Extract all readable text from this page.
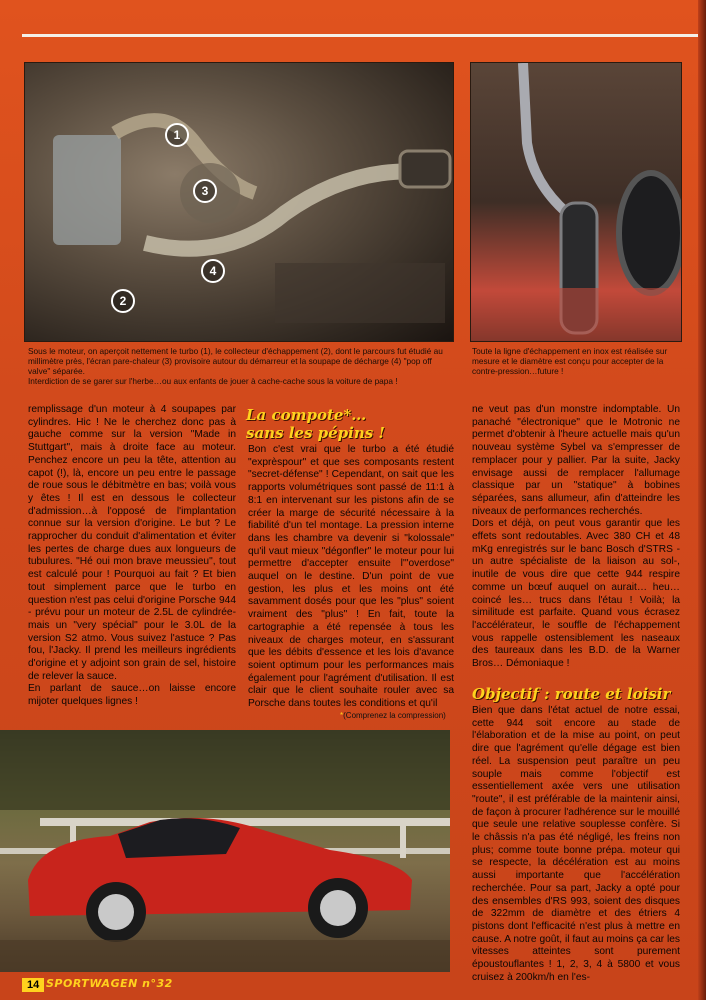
1
2
3
4
Sous le moteur, on aperçoit nettement le turbo (1), le collecteur d'échappement (2), dont le parcours fut étudié au millimètre près, l'écran pare-chaleur (3) provisoire autour du démarreur et la soupape de décharge (4) "pop off valve" séparée.
Interdiction de se garer sur l'herbe…ou aux enfants de jouer à cache-cache sous la voiture de papa !
Toute la ligne d'échappement en inox est réalisée sur mesure et le diamètre est conçu pour accepter de la contre-pression…future !

remplissage d'un moteur à 4 soupapes par cylindres. Hic ! Ne le cherchez donc pas à gauche comme sur la version "Made in Stuttgart", mais à droite face au moteur. Penchez encore un peu la tête, attention au capot (!), là, encore un peu entre le passage de roue sous le débitmètre en bas; voilà vous y êtes ! Il est en dessous le collecteur d'admission…à l'opposé de l'implantation connue sur la version d'origine. Le but ? Le rapprocher du conduit d'alimentation et éviter les pertes de charge dues aux longueurs de tubulures. "Hé oui mon brave meussieu", tout est calculé pour ! Pourquoi au fait ? Et bien tout simplement parce que le turbo en question n'est pas celui d'origine Porsche 944 - prévu pour un moteur de 2.5L de cylindrée- mais un "very spécial" pour le 3.0L de la version S2 atmo. Vous suivez l'astuce ? Pas fou, l'Jacky. Il prend les meilleurs ingrédients d'origine et y adjoint son grain de sel, histoire de relever la sauce.

En parlant de sauce…on laisse encore mijoter quelques lignes !

La compote*…
sans les pépins !

Bon c'est vrai que le turbo a été étudié "exprèspour" et que ses composants restent "secret-défense" ! Cependant, on sait que les rapports volumétriques sont passé de 11:1 à 8:1 en intervenant sur les pistons afin de se créer la marge de sécurité nécessaire à la fiabilité d'un tel montage. La pression interne dans les chambre va devenir si "kolossale" qu'il vaut mieux "dégonfler" le moteur pour lui permettre d'accepter ensuite l'"overdose" auquel on le destine. D'un point de vue gestion, les plus et les moins ont été savamment dosés pour que les "plus" soient vraiment des "plus" ! En fait, toute la cartographie a été repensée à tous les niveaux de charges moteur, en s'assurant que les débits d'essence et les lois d'avance soient optimum pour les performances mais également pour l'agrément d'utilisation. Il est clair que le client souhaite rouler avec sa Porsche dans toutes les conditions et qu'il

*(Comprenez la compression)

ne veut pas d'un monstre indomptable. Un panaché "électronique" que le Motronic ne permet d'obtenir à l'heure actuelle mais qu'un nouveau système Sybel va s'empresser de remplacer pour y pallier. Par la suite, Jacky envisage aussi de remplacer l'allumage classique par un "statique" à bobines séparées, sans allumeur, afin d'atteindre les niveaux de performances recherchés.

Dors et déjà, on peut vous garantir que les effets sont redoutables. Avec 380 CH et 48 mKg enregistrés sur le banc Bosch d'STRS -un autre spécialiste de la liaison au sol-, inutile de vous dire que cette 944 respire comme un bœuf auquel on aurait… heu… coincé les… trucs dans l'étau ! Voilà; la similitude est parfaite. Quand vous écrasez l'accélérateur, le souffle de l'échappement vous rappelle ostensiblement les naseaux des taureaux dans les B.D. de la Warner Bros… Démoniaque !

Objectif : route et loisir

Bien que dans l'état actuel de notre essai, cette 944 soit encore au stade de l'élaboration et de la mise au point, on peut dire que l'agrément qu'elle dégage est bien réel. La suspension peut paraître un peu souple mais comme l'objectif est essentiellement axée vers une utilisation "route", il est préférable de la maintenir ainsi, de façon à procurer l'adhérence sur le mouillé que seule une relative souplesse confère. Si le châssis n'a pas été négligé, les freins non plus; comme toute bonne prépa. moteur qui se respecte, la décélération est au moins aussi importante que l'accélération recherchée. Pour sa part, Jacky a opté pour des ensembles d'RS 993, soient des disques de 322mm de diamètre et des étriers 4 pistons dont l'efficacité n'est plus à mettre en cause. A notre goût, il faut au moins ça car les vitesses atteintes sont purement époustouflantes ! 1, 2, 3, 4 à 5800 et vous cruisez à 200km/h en l'es-

14 SPORTWAGEN n°32
